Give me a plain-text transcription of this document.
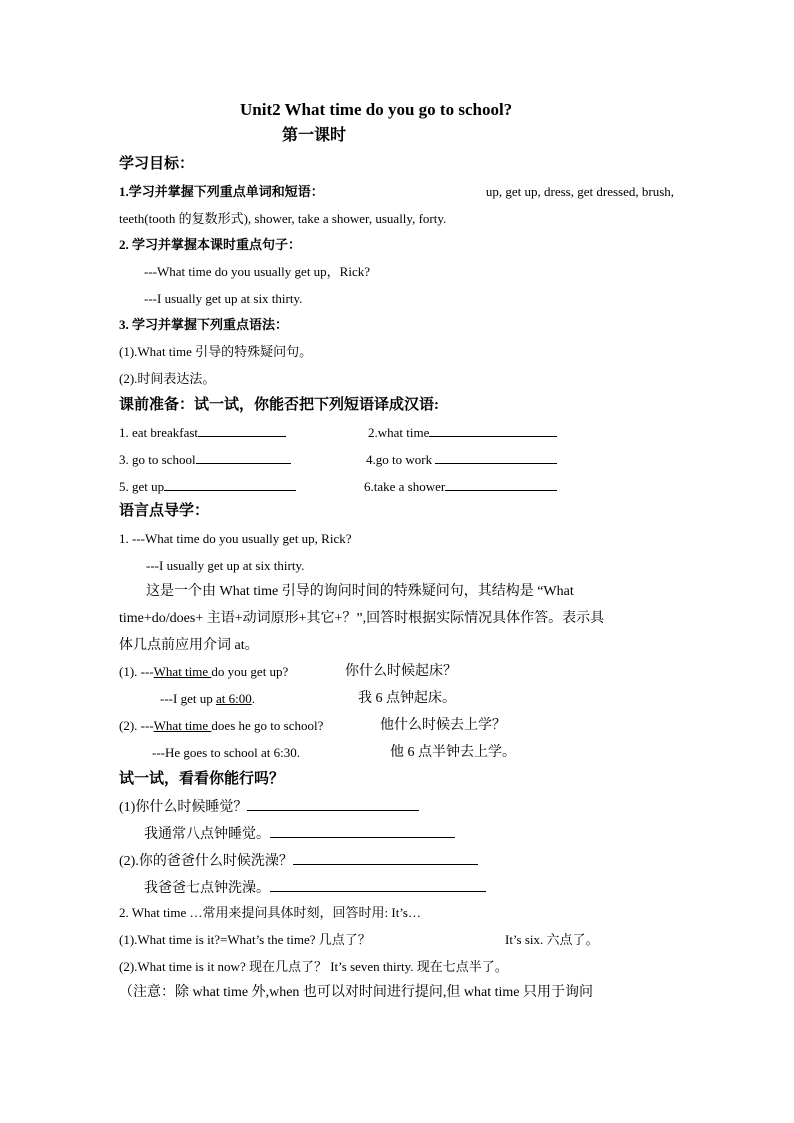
Unit2 What time do you go to school?
第一课时
学习目标：
1.学习并掌握下列重点单词和短语：	up, get up, dress, get dressed, brush,
teeth(tooth 的复数形式), shower, take a shower, usually, forty.
2. 学习并掌握本课时重点句子：
---What time do you usually get up，Rick?
---I usually get up at six thirty.
3. 学习并掌握下列重点语法：
(1).What time 引导的特殊疑问句。
(2).时间表达法。
课前准备：试一试，你能否把下列短语译成汉语:
1. eat breakfast	2.what time
3. go to school	4.go to work
5. get up	6.take a shower
语言点导学：
1. ---What time do you usually get up, Rick?
---I usually get up at six thirty.
这是一个由 What time 引导的询问时间的特殊疑问句，其结构是 “What
time+do/does+ 主语+动词原形+其它+？”,回答时根据实际情况具体作答。表示具
体几点前应用介词 at。
(1). ---What time do you get up?	你什么时候起床？
---I get up at 6:00.	我 6 点钟起床。
(2). ---What time does he go to school?	他什么时候去上学？
---He goes to school at 6:30.	他 6 点半钟去上学。
试一试，看看你能行吗？
(1)你什么时候睡觉？
我通常八点钟睡觉。
(2).你的爸爸什么时候洗澡？
我爸爸七点钟洗澡。
2. What time …常用来提问具体时刻，回答时用: It’s…
(1).What time is it?=What’s the time? 几点了？	It’s six. 六点了。
(2).What time is it now? 现在几点了？ It’s seven thirty. 现在七点半了。
（注意：除 what time 外,when 也可以对时间进行提问,但 what time 只用于询问
